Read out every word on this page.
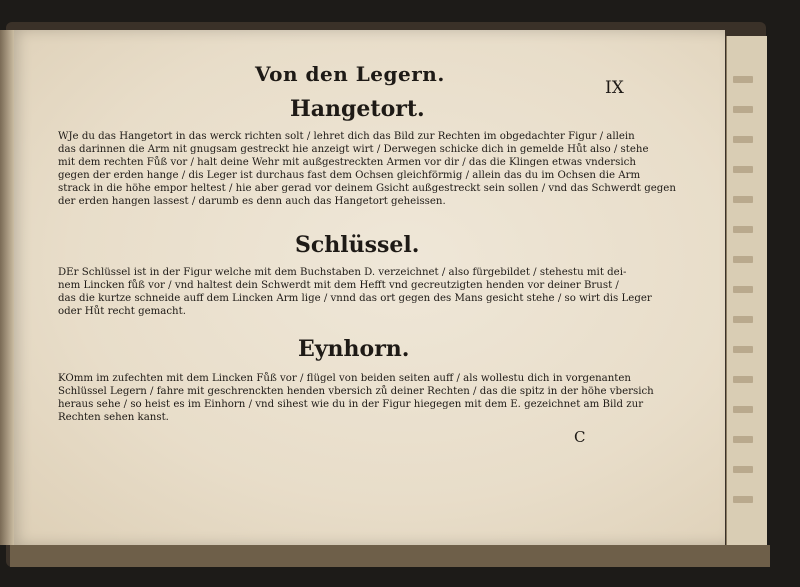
Von den Legern.
IX
Hangetort.

WJe du das Hangetort in das werck richten solt / lehret dich das Bild zur Rechten im obgedachter Figur / allein

das darinnen die Arm nit gnugsam gestreckt hie anzeigt wirt / Derwegen schicke dich in gemelde Hůt also / stehe

mit dem rechten Fůß vor / halt deine Wehr mit außgestreckten Armen vor dir / das die Klingen etwas vndersich

gegen der erden hange / dis Leger ist durchaus fast dem Ochsen gleichförmig / allein das du im Ochsen die Arm

strack in die höhe empor heltest / hie aber gerad vor deinem Gsicht außgestreckt sein sollen / vnd das Schwerdt gegen

der erden hangen lassest / darumb es denn auch das Hangetort geheissen.

Schlüssel.

DEr Schlüssel ist in der Figur welche mit dem Buchstaben D. verzeichnet / also fürgebildet / stehestu mit dei-

nem Lincken fůß vor / vnd haltest dein Schwerdt mit dem Hefft vnd gecreutzigten henden vor deiner Brust /

das die kurtze schneide auff dem Lincken Arm lige / vnnd das ort gegen des Mans gesicht stehe / so wirt dis Leger

oder Hůt recht gemacht.

Eynhorn.

KOmm im zufechten mit dem Lincken Fůß vor / flügel von beiden seiten auff / als wollestu dich in vorgenanten

Schlüssel Legern / fahre mit geschrenckten henden vbersich zů deiner Rechten / das die spitz in der höhe vbersich

heraus sehe / so heist es im Einhorn / vnd sihest wie du in der Figur hiegegen mit dem E. gezeichnet am Bild zur

Rechten sehen kanst.

C
